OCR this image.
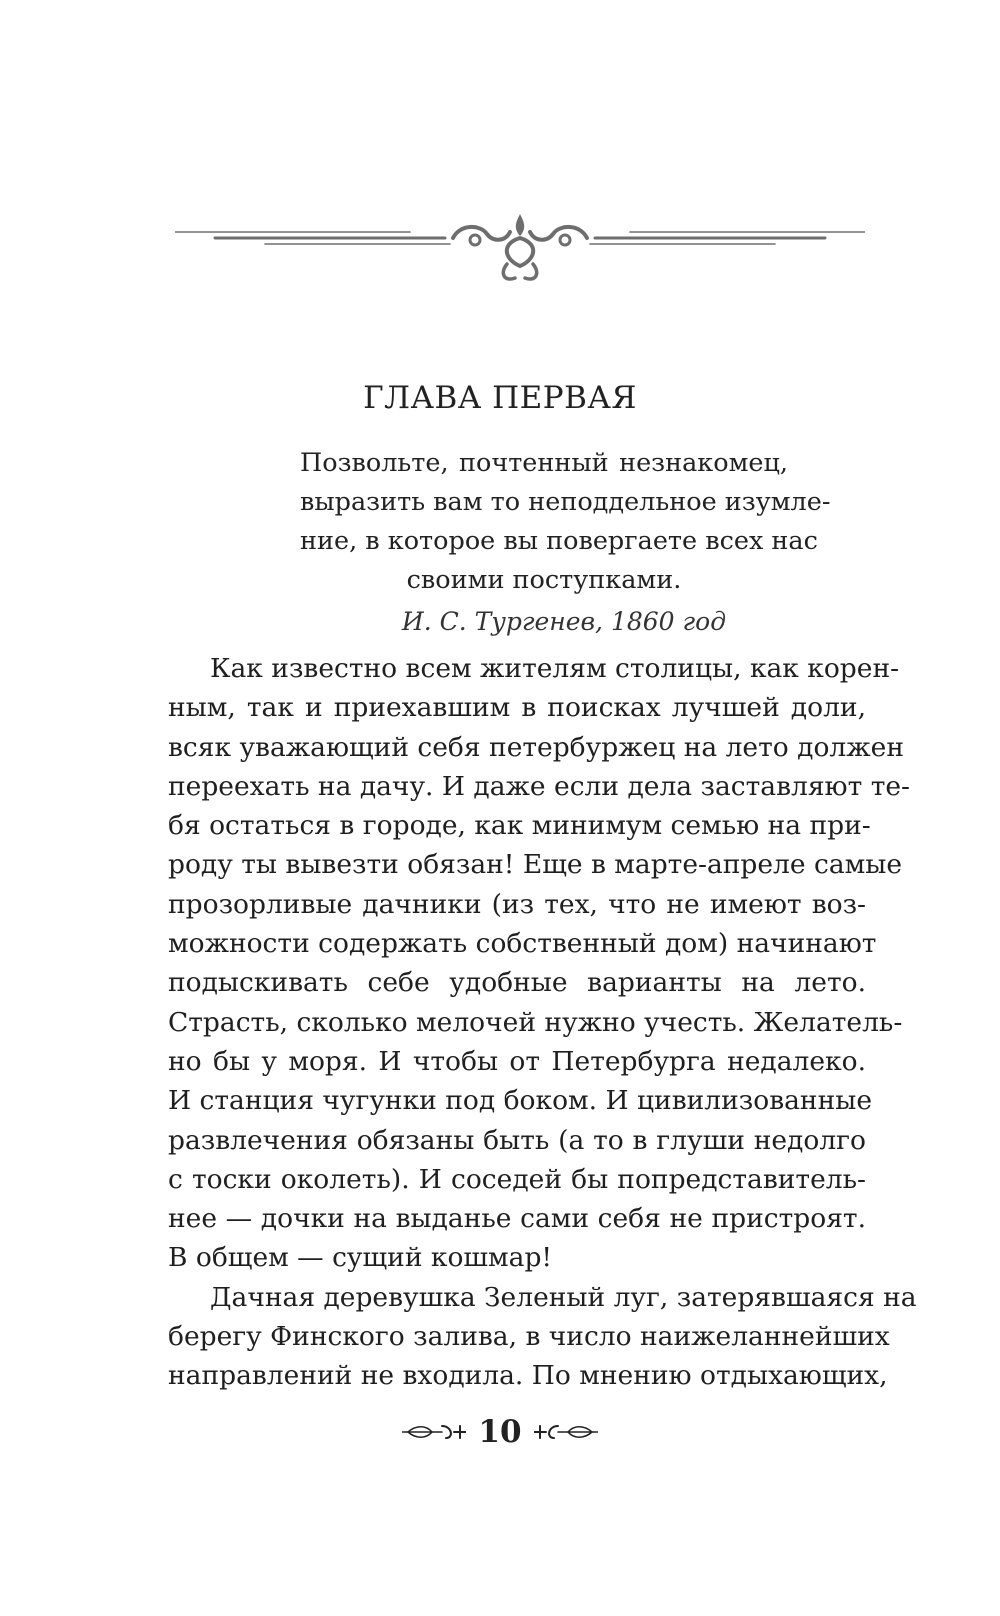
ГЛАВА ПЕРВАЯ
Позвольте, почтенный незнакомец,
выразить вам то неподдельное изумле-
ние, в которое вы повергаете всех нас
своими поступками.
И. С. Тургенев, 1860 год
Как известно всем жителям столицы, как корен-
ным, так и приехавшим в поисках лучшей доли,
всяк уважающий себя петербуржец на лето должен
переехать на дачу. И даже если дела заставляют те-
бя остаться в городе, как минимум семью на при-
роду ты вывезти обязан! Еще в марте-апреле самые
прозорливые дачники (из тех, что не имеют воз-
можности содержать собственный дом) начинают
подыскивать себе удобные варианты на лето.
Страсть, сколько мелочей нужно учесть. Желатель-
но бы у моря. И чтобы от Петербурга недалеко.
И станция чугунки под боком. И цивилизованные
развлечения обязаны быть (а то в глуши недолго
с тоски околеть). И соседей бы попредставитель-
нее — дочки на выданье сами себя не пристроят.
В общем — сущий кошмар!
Дачная деревушка Зеленый луг, затерявшаяся на
берегу Финского залива, в число наижеланнейших
направлений не входила. По мнению отдыхающих,
10
